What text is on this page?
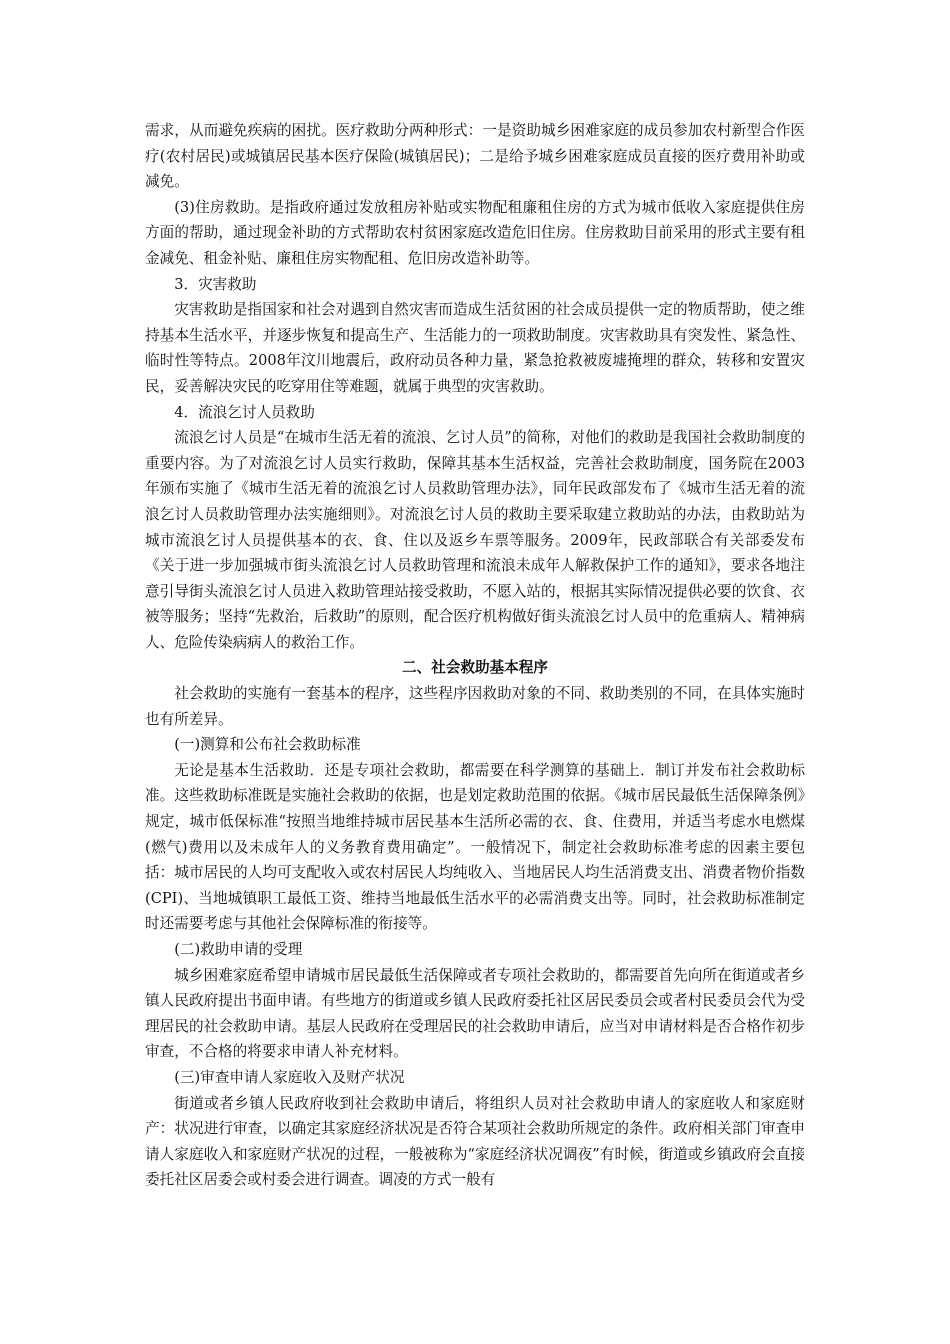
需求，从而避免疾病的困扰。医疗救助分两种形式：一是资助城乡困难家庭的成员参加农村新型合作医疗(农村居民)或城镇居民基本医疗保险(城镇居民)；二是给予城乡困难家庭成员直接的医疗费用补助或减免。

(3)住房救助。是指政府通过发放租房补贴或实物配租廉租住房的方式为城市低收入家庭提供住房方面的帮助，通过现金补助的方式帮助农村贫困家庭改造危旧住房。住房救助目前采用的形式主要有租金减免、租金补贴、廉租住房实物配租、危旧房改造补助等。

3．灾害救助

灾害救助是指国家和社会对遇到自然灾害而造成生活贫困的社会成员提供一定的物质帮助，使之维持基本生活水平，并逐步恢复和提高生产、生活能力的一项救助制度。灾害救助具有突发性、紧急性、临时性等特点。2008年汶川地震后，政府动员各种力量，紧急抢救被废墟掩埋的群众，转移和安置灾民，妥善解决灾民的吃穿用住等难题，就属于典型的灾害救助。

4．流浪乞讨人员救助

流浪乞讨人员是“在城市生活无着的流浪、乞讨人员”的简称，对他们的救助是我国社会救助制度的重要内容。为了对流浪乞讨人员实行救助，保障其基本生活权益，完善社会救助制度，国务院在2003年颁布实施了《城市生活无着的流浪乞讨人员救助管理办法》，同年民政部发布了《城市生活无着的流浪乞讨人员救助管理办法实施细则》。对流浪乞讨人员的救助主要采取建立救助站的办法，由救助站为城市流浪乞讨人员提供基本的衣、食、住以及返乡车票等服务。2009年，民政部联合有关部委发布《关于进一步加强城市街头流浪乞讨人员救助管理和流浪未成年人解救保护工作的通知》，要求各地注意引导街头流浪乞讨人员进入救助管理站接受救助，不愿入站的，根据其实际情况提供必要的饮食、衣被等服务；坚持“先救治，后救助”的原则，配合医疗机构做好街头流浪乞讨人员中的危重病人、精神病人、危险传染病病人的救治工作。

二、社会救助基本程序

社会救助的实施有一套基本的程序，这些程序因救助对象的不同、救助类别的不同，在具体实施时也有所差异。

(一)测算和公布社会救助标准

无论是基本生活救助．还是专项社会救助，都需要在科学测算的基础上．制订并发布社会救助标准。这些救助标准既是实施社会救助的依据，也是划定救助范围的依据。《城市居民最低生活保障条例》规定，城市低保标准“按照当地维持城市居民基本生活所必需的衣、食、住费用，并适当考虑水电燃煤(燃气)费用以及未成年人的义务教育费用确定”。一般情况下，制定社会救助标准考虑的因素主要包括：城市居民的人均可支配收入或农村居民人均纯收入、当地居民人均生活消费支出、消费者物价指数(CPI)、当地城镇职工最低工资、维持当地最低生活水平的必需消费支出等。同时，社会救助标准制定时还需要考虑与其他社会保障标准的衔接等。

(二)救助申请的受理

城乡困难家庭希望申请城市居民最低生活保障或者专项社会救助的，都需要首先向所在街道或者乡镇人民政府提出书面申请。有些地方的街道或乡镇人民政府委托社区居民委员会或者村民委员会代为受理居民的社会救助申请。基层人民政府在受理居民的社会救助申请后，应当对申请材料是否合格作初步审查，不合格的将要求申请人补充材料。

(三)审查申请人家庭收入及财产状况

街道或者乡镇人民政府收到社会救助申请后，将组织人员对社会救助申请人的家庭收人和家庭财产：状况进行审查，以确定其家庭经济状况是否符合某项社会救助所规定的条件。政府相关部门审查申请人家庭收入和家庭财产状况的过程，一般被称为“家庭经济状况调夜”有时候，街道或乡镇政府会直接委托社区居委会或村委会进行调查。调凌的方式一般有
